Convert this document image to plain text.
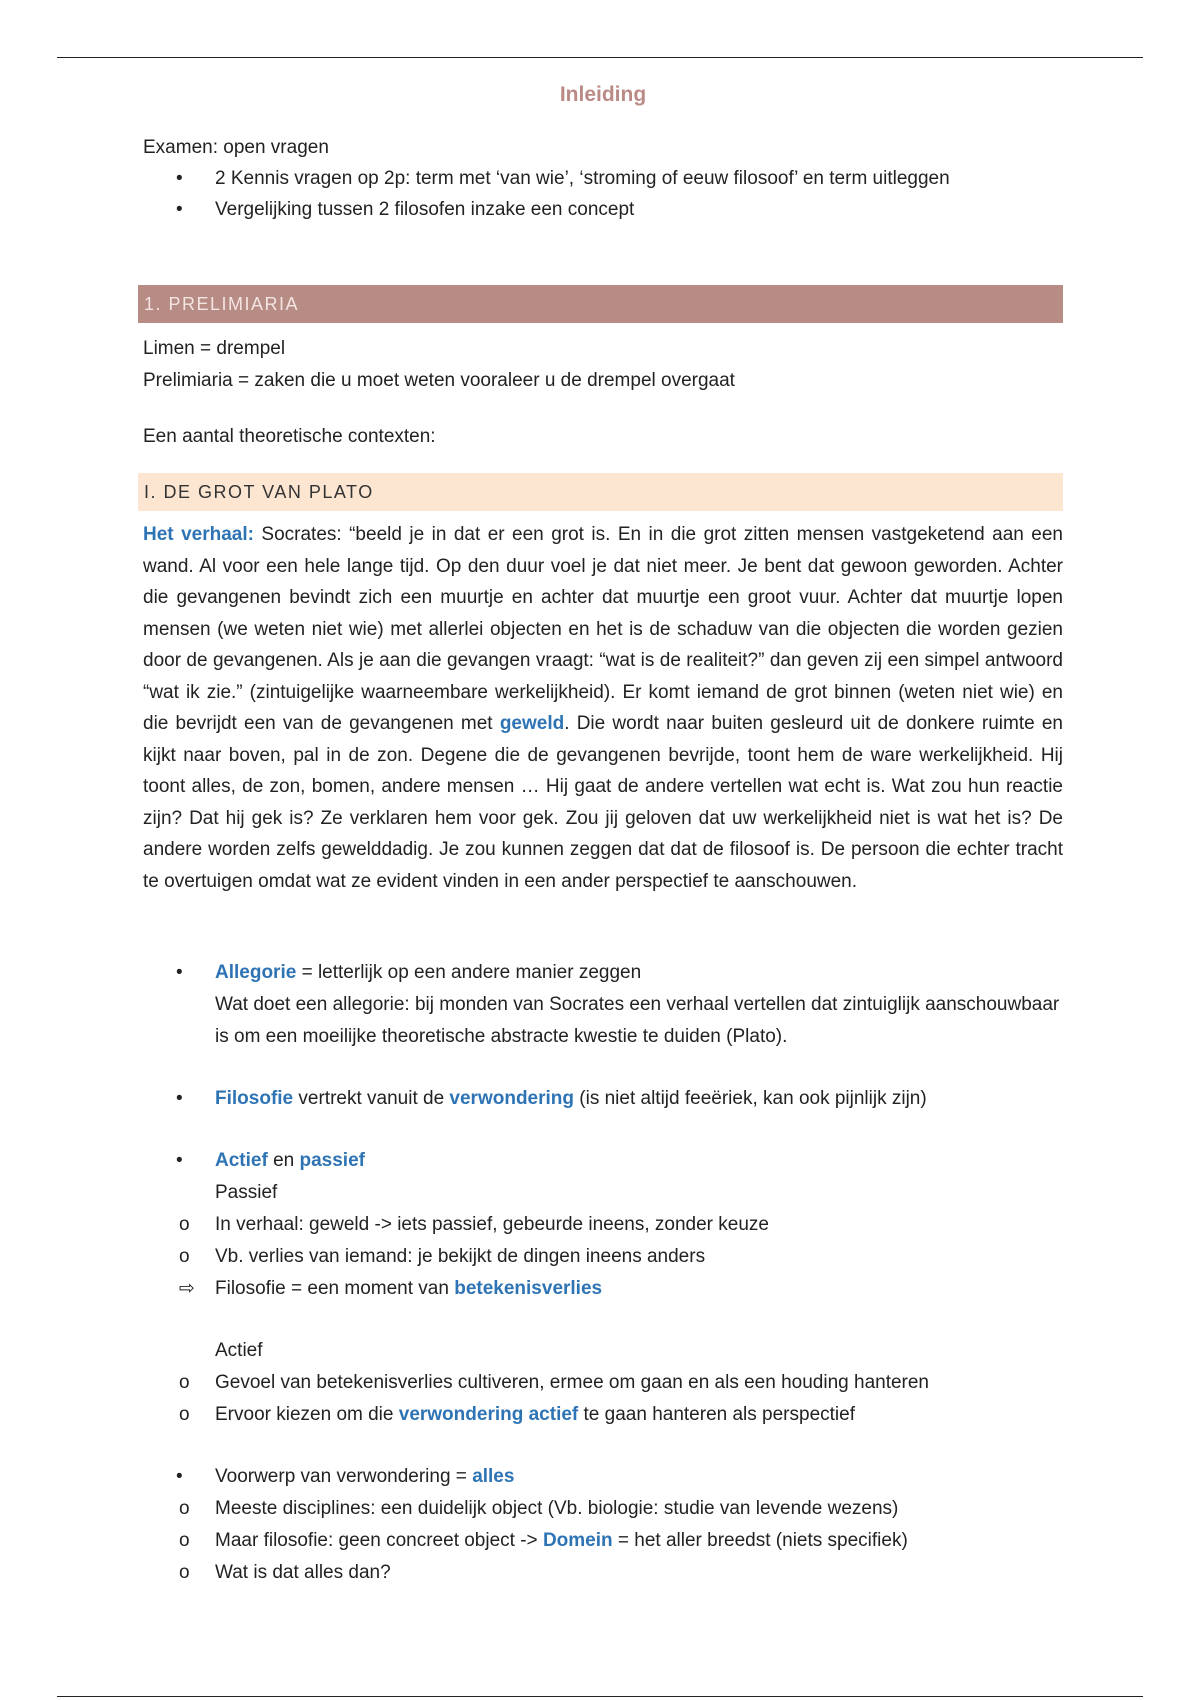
Inleiding

Examen: open vragen

• 2 Kennis vragen op 2p: term met ‘van wie’, ‘stroming of eeuw filosoof’ en term uitleggen
• Vergelijking tussen 2 filosofen inzake een concept
1. PRELIMIARIA

Limen = drempel

Prelimiaria = zaken die u moet weten vooraleer u de drempel overgaat

Een aantal theoretische contexten:

I. DE GROT VAN PLATO

Het verhaal: Socrates: “beeld je in dat er een grot is. En in die grot zitten mensen vastgeketend aan een wand. Al voor een hele lange tijd. Op den duur voel je dat niet meer. Je bent dat gewoon geworden. Achter die gevangenen bevindt zich een muurtje en achter dat muurtje een groot vuur. Achter dat muurtje lopen mensen (we weten niet wie) met allerlei objecten en het is de schaduw van die objecten die worden gezien door de gevangenen. Als je aan die gevangen vraagt: “wat is de realiteit?” dan geven zij een simpel antwoord “wat ik zie.” (zintuigelijke waarneembare werkelijkheid). Er komt iemand de grot binnen (weten niet wie) en die bevrijdt een van de gevangenen met geweld. Die wordt naar buiten gesleurd uit de donkere ruimte en kijkt naar boven, pal in de zon. Degene die de gevangenen bevrijde, toont hem de ware werkelijkheid. Hij toont alles, de zon, bomen, andere mensen … Hij gaat de andere vertellen wat echt is. Wat zou hun reactie zijn? Dat hij gek is? Ze verklaren hem voor gek. Zou jij geloven dat uw werkelijkheid niet is wat het is? De andere worden zelfs gewelddadig. Je zou kunnen zeggen dat dat de filosoof is. De persoon die echter tracht te overtuigen omdat wat ze evident vinden in een ander perspectief te aanschouwen.

• Allegorie = letterlijk op een andere manier zeggen
Wat doet een allegorie: bij monden van Socrates een verhaal vertellen dat zintuiglijk aanschouwbaar is om een moeilijke theoretische abstracte kwestie te duiden (Plato).
• Filosofie vertrekt vanuit de verwondering (is niet altijd feeëriek, kan ook pijnlijk zijn)
• Actief en passief
Passief
o	In verhaal: geweld -> iets passief, gebeurde ineens, zonder keuze
o	Vb. verlies van iemand: je bekijkt de dingen ineens anders
⇨	Filosofie = een moment van betekenisverlies
Actief
o	Gevoel van betekenisverlies cultiveren, ermee om gaan en als een houding hanteren
o	Ervoor kiezen om die verwondering actief te gaan hanteren als perspectief
• Voorwerp van verwondering = alles
o	Meeste disciplines: een duidelijk object (Vb. biologie: studie van levende wezens)
o	Maar filosofie: geen concreet object -> Domein = het aller breedst (niets specifiek)
o	Wat is dat alles dan?
